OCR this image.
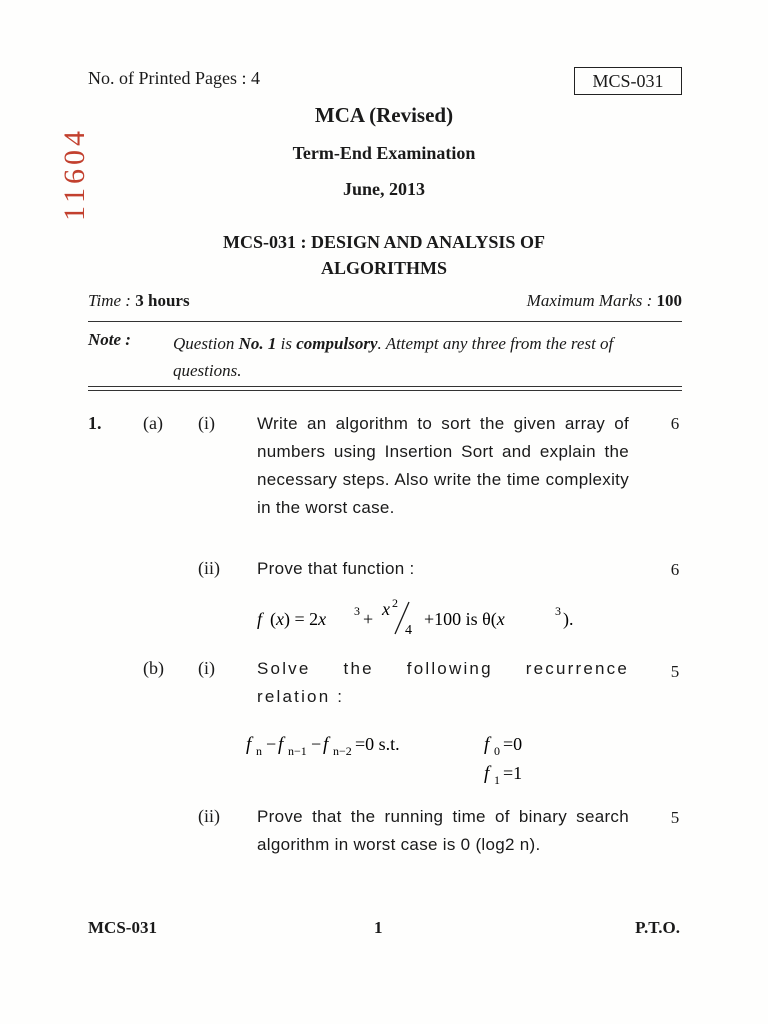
No. of Printed Pages : 4	MCS-031
11604
MCA (Revised)
Term-End Examination
June, 2013
MCS-031 : DESIGN AND ANALYSIS OF
ALGORITHMS
Time : 3 hours	Maximum Marks : 100
Note : Question No. 1 is compulsory. Attempt any three from the rest of questions.
1. (a) (i) Write an algorithm to sort the given array of numbers using Insertion Sort and explain the necessary steps. Also write the time complexity in the worst case.
6
(ii) Prove that function :	6
f (x) = 2x 3 + x 2
4
+100 is θ(x	3 ).
(b) (i) Solve the following recurrence relation :
5
f n − f n−1 − f n−2 =0 s.t.	f 0 =0
f 1 =1
(ii) Prove that the running time of binary search algorithm in worst case is 0 (log2 n).
5
MCS-031	1	P.T.O.
